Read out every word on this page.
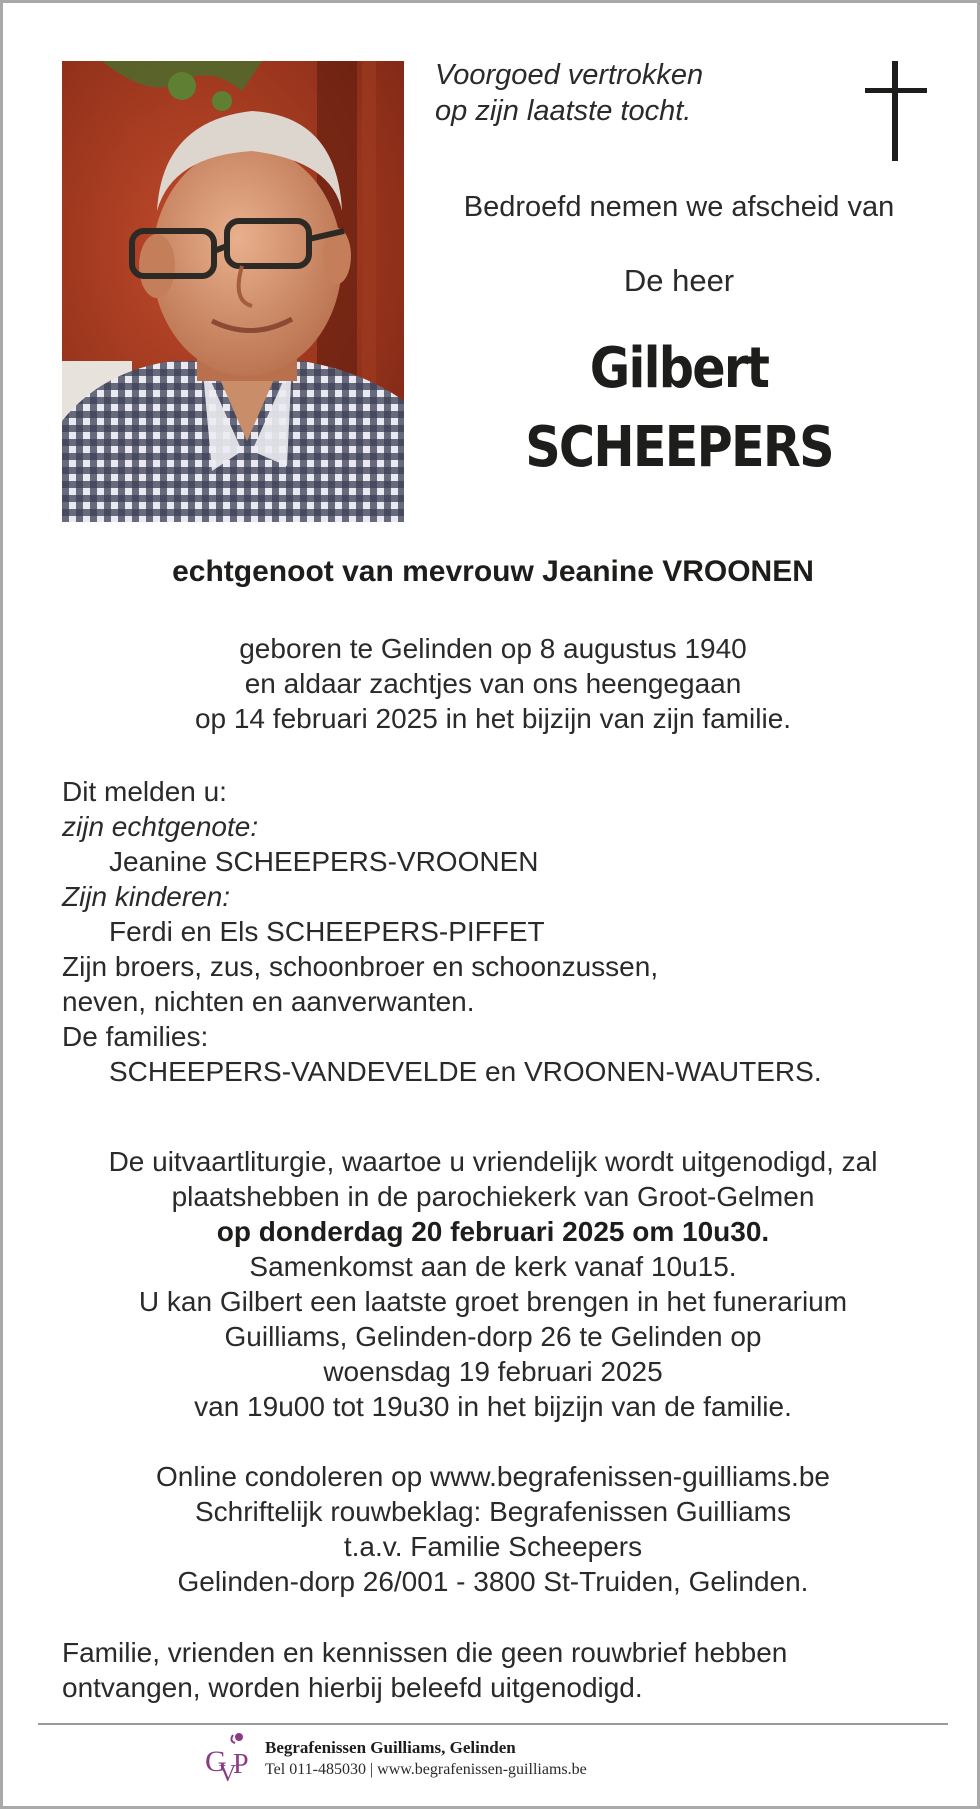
Voorgoed vertrokken
op zijn laatste tocht.
Bedroefd nemen we afscheid van
De heer
Gilbert
SCHEEPERS
echtgenoot van mevrouw Jeanine VROONEN
geboren te Gelinden op 8 augustus 1940
en aldaar zachtjes van ons heengegaan
op 14 februari 2025 in het bijzijn van zijn familie.
Dit melden u:
zijn echtgenote:
Jeanine SCHEEPERS-VROONEN
Zijn kinderen:
Ferdi en Els SCHEEPERS-PIFFET
Zijn broers, zus, schoonbroer en schoonzussen,
neven, nichten en aanverwanten.
De families:
SCHEEPERS-VANDEVELDE en VROONEN-WAUTERS.
De uitvaartliturgie, waartoe u vriendelijk wordt uitgenodigd, zal
plaatshebben in de parochiekerk van Groot-Gelmen
op donderdag 20 februari 2025 om 10u30.
Samenkomst aan de kerk vanaf 10u15.
U kan Gilbert een laatste groet brengen in het funerarium
Guilliams, Gelinden-dorp 26 te Gelinden op
woensdag 19 februari 2025
van 19u00 tot 19u30 in het bijzijn van de familie.
Online condoleren op www.begrafenissen-guilliams.be
Schriftelijk rouwbeklag: Begrafenissen Guilliams
t.a.v. Familie Scheepers
Gelinden-dorp 26/001 - 3800 St-Truiden, Gelinden.
Familie, vrienden en kennissen die geen rouwbrief hebben
ontvangen, worden hierbij beleefd uitgenodigd.
G
V
P
Begrafenissen Guilliams, Gelinden
Tel 011-485030 | www.begrafenissen-guilliams.be
